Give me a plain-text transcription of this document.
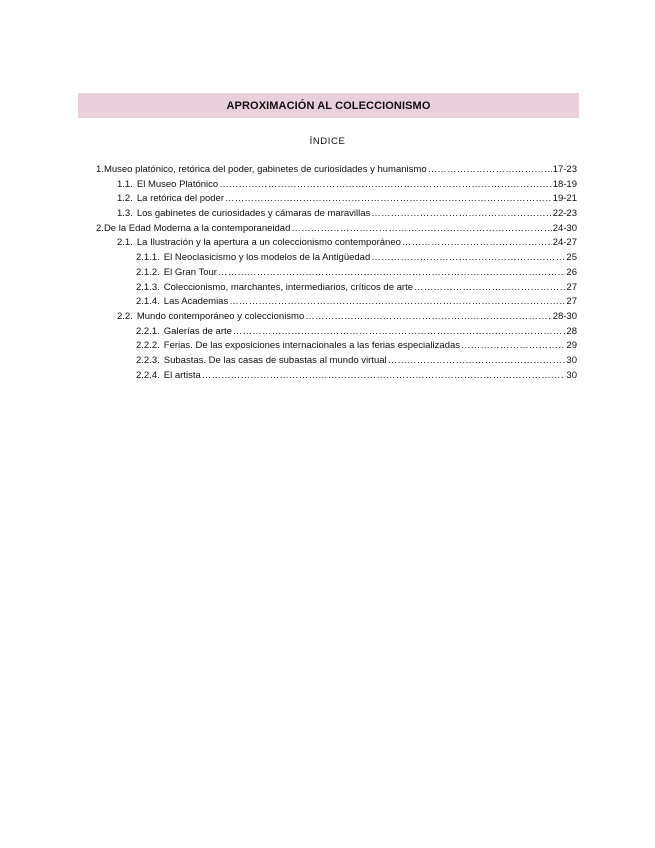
APROXIMACIÓN AL COLECCIONISMO
ÍNDICE
1. Museo platónico, retórica del poder, gabinetes de curiosidades y humanismo ………………………………………………………………………………………………………………………………………………………………………………………………	17-23
1.1. El Museo Platónico ………………………………………………………………………………………………………………………………………………………………………………………………	18-19
1.2. La retórica del poder ………………………………………………………………………………………………………………………………………………………………………………………………	19-21
1.3. Los gabinetes de curiosidades y cámaras de maravillas ………………………………………………………………………………………………………………………………………………………………………………………………	22-23
2. De la Edad Moderna a la contemporaneidad ………………………………………………………………………………………………………………………………………………………………………………………………	24-30
2.1. La Ilustración y la apertura a un coleccionismo contemporáneo ………………………………………………………………………………………………………………………………………………………………………………………………	24-27
2.1.1. El Neoclasicismo y los modelos de la Antigüedad ………………………………………………………………………………………………………………………………………………………………………………………………	25
2.1.2. El Gran Tour ………………………………………………………………………………………………………………………………………………………………………………………………	26
2.1.3. Coleccionismo, marchantes, intermediarios, críticos de arte ………………………………………………………………………………………………………………………………………………………………………………………………	27
2.1.4. Las Academias ………………………………………………………………………………………………………………………………………………………………………………………………	27
2.2. Mundo contemporáneo y coleccionismo ………………………………………………………………………………………………………………………………………………………………………………………………	28-30
2.2.1. Galerías de arte ………………………………………………………………………………………………………………………………………………………………………………………………	28
2.2.2. Ferias. De las exposiciones internacionales a las ferias especializadas ………………………………………………………………………………………………………………………………………………………………………………………………	29
2.2.3. Subastas. De las casas de subastas al mundo virtual ………………………………………………………………………………………………………………………………………………………………………………………………	30
2.2.4. El artista ………………………………………………………………………………………………………………………………………………………………………………………………	30
